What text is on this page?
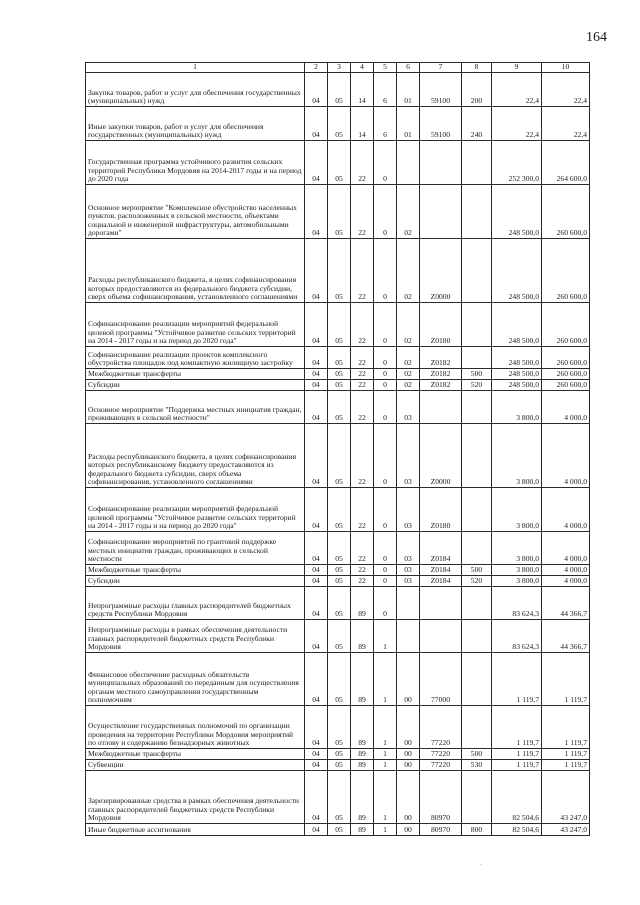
164
1	2	3	4	5	6	7	8	9	10
Закупка товаров, работ и услуг для обеспечения государственных (муниципальных) нужд	04	05	14	6	01	59100	200	22,4	22,4
Иные закупки товаров, работ и услуг для обеспечения государственных (муниципальных) нужд	04	05	14	6	01	59100	240	22,4	22,4
Государственная программа устойчивого развития сельских территорий Республики Мордовия на 2014-2017 годы и на период до 2020 года	04	05	22	0				252 300,0	264 600,0
Основное мероприятие "Комплексное обустройство населенных пунктов, расположенных в сельской местности, объектами социальной и инженерной инфраструктуры, автомобильными дорогами"	04	05	22	0	02			248 500,0	260 600,0
Расходы республиканского бюджета, в целях софинансирования которых предоставляются из федерального бюджета субсидии, сверх объема софинансирования, установленного соглашениями	04	05	22	0	02	Z0000		248 500,0	260 600,0
Софинансирование реализации мероприятий федеральной целевой программы "Устойчивое развитие сельских территорий на 2014 - 2017 годы и на период до 2020 года"	04	05	22	0	02	Z0180		248 500,0	260 600,0
Софинансирование реализации проектов комплексного обустройства площадок под компактную жилищную застройку	04	05	22	0	02	Z0182		248 500,0	260 600,0
Межбюджетные трансферты	04	05	22	0	02	Z0182	500	248 500,0	260 600,0
Субсидии	04	05	22	0	02	Z0182	520	248 500,0	260 600,0
Основное мероприятие "Поддержка местных инициатив граждан, проживающих в сельской местности"	04	05	22	0	03			3 800,0	4 000,0
Расходы республиканского бюджета, в целях софинансирования которых республиканскому бюджету предоставляются из федерального бюджета субсидии, сверх объема софинансирования, установленного соглашениями	04	05	22	0	03	Z0000		3 800,0	4 000,0
Софинансирование реализации мероприятий федеральной целевой программы "Устойчивое развитие сельских территорий на 2014 - 2017 годы и на период до 2020 года"	04	05	22	0	03	Z0180		3 800,0	4 000,0
Софинансирование мероприятий по грантовой поддержке местных инициатив граждан, проживающих в сельской местности	04	05	22	0	03	Z0184		3 800,0	4 000,0
Межбюджетные трансферты	04	05	22	0	03	Z0184	500	3 800,0	4 000,0
Субсидии	04	05	22	0	03	Z0184	520	3 800,0	4 000,0
Непрограммные расходы главных распорядителей бюджетных средств Республики Мордовия	04	05	89	0				83 624,3	44 366,7
Непрограммные расходы в рамках обеспечения деятельности главных распорядителей бюджетных средств Республики Мордовия	04	05	89	1				83 624,3	44 366,7
Финансовое обеспечение расходных обязательств муниципальных образований по переданным для осуществления органам местного самоуправления государственным полномочиям	04	05	89	1	00	77000		1 119,7	1 119,7
Осуществление государственных полномочий по организации проведения на территории Республики Мордовия мероприятий по отлову и содержанию безнадзорных животных	04	05	89	1	00	77220		1 119,7	1 119,7
Межбюджетные трансферты	04	05	89	1	00	77220	500	1 119,7	1 119,7
Субвенции	04	05	89	1	00	77220	530	1 119,7	1 119,7
Зарезервированные средства в рамках обеспечения деятельности главных распорядителей бюджетных средств Республики Мордовия	04	05	89	1	00	80970		82 504,6	43 247,0
Иные бюджетные ассигнования	04	05	89	1	00	80970	800	82 504,6	43 247,0
.
